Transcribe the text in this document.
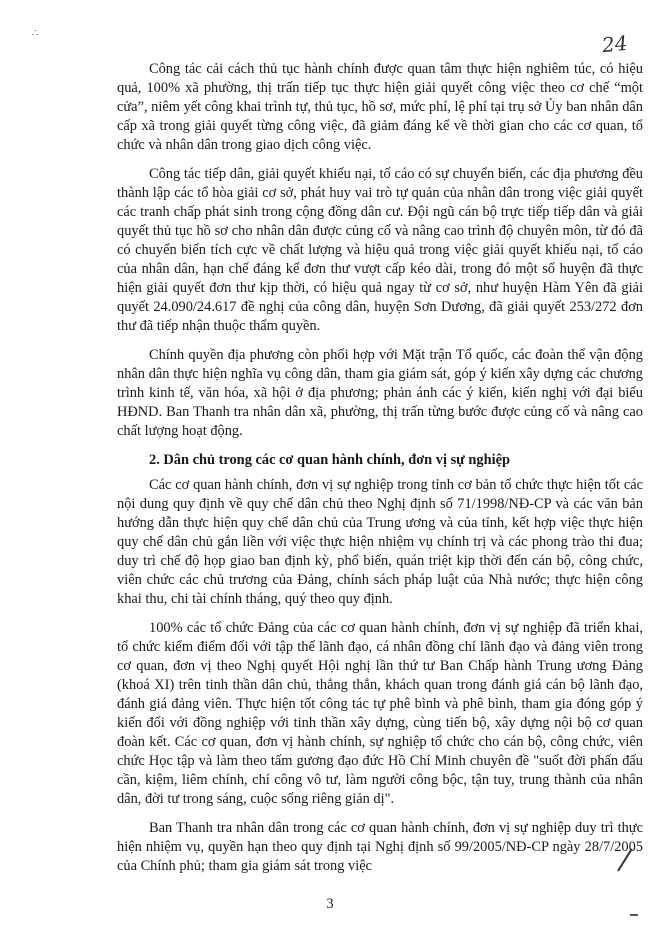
∴	24

Công tác cải cách thủ tục hành chính được quan tâm thực hiện nghiêm túc, có hiệu quả, 100% xã phường, thị trấn tiếp tục thực hiện giải quyết công việc theo cơ chế “một cửa”, niêm yết công khai trình tự, thủ tục, hồ sơ, mức phí, lệ phí tại trụ sở Ủy ban nhân dân cấp xã trong giải quyết từng công việc, đã giảm đáng kể về thời gian cho các cơ quan, tổ chức và nhân dân trong giao dịch công việc.

Công tác tiếp dân, giải quyết khiếu nại, tố cáo có sự chuyển biến, các địa phương đều thành lập các tổ hòa giải cơ sở, phát huy vai trò tự quản của nhân dân trong việc giải quyết các tranh chấp phát sinh trong cộng đồng dân cư. Đội ngũ cán bộ trực tiếp tiếp dân và giải quyết thủ tục hồ sơ cho nhân dân được củng cố và nâng cao trình độ chuyên môn, từ đó đã có chuyển biến tích cực về chất lượng và hiệu quả trong việc giải quyết khiếu nại, tố cáo của nhân dân, hạn chế đáng kể đơn thư vượt cấp kéo dài, trong đó một số huyện đã thực hiện giải quyết đơn thư kịp thời, có hiệu quả ngay từ cơ sở, như huyện Hàm Yên đã giải quyết 24.090/24.617 đề nghị của công dân, huyện Sơn Dương, đã giải quyết 253/272 đơn thư đã tiếp nhận thuộc thẩm quyền.

Chính quyền địa phương còn phối hợp với Mặt trận Tổ quốc, các đoàn thể vận động nhân dân thực hiện nghĩa vụ công dân, tham gia giám sát, góp ý kiến xây dựng các chương trình kinh tế, văn hóa, xã hội ở địa phương; phản ánh các ý kiến, kiến nghị với đại biểu HĐND. Ban Thanh tra nhân dân xã, phường, thị trấn từng bước được củng cố và nâng cao chất lượng hoạt động.

2. Dân chủ trong các cơ quan hành chính, đơn vị sự nghiệp

Các cơ quan hành chính, đơn vị sự nghiệp trong tỉnh cơ bản tổ chức thực hiện tốt các nội dung quy định về quy chế dân chủ theo Nghị định số 71/1998/NĐ-CP và các văn bản hướng dẫn thực hiện quy chế dân chủ của Trung ương và của tỉnh, kết hợp việc thực hiện quy chế dân chủ gắn liền với việc thực hiện nhiệm vụ chính trị và các phong trào thi đua; duy trì chế độ họp giao ban định kỳ, phổ biến, quán triệt kịp thời đến cán bộ, công chức, viên chức các chủ trương của Đảng, chính sách pháp luật của Nhà nước; thực hiện công khai thu, chi tài chính tháng, quý theo quy định.

100% các tổ chức Đảng của các cơ quan hành chính, đơn vị sự nghiệp đã triển khai, tổ chức kiểm điểm đối với tập thể lãnh đạo, cá nhân đồng chí lãnh đạo và đảng viên trong cơ quan, đơn vị theo Nghị quyết Hội nghị lần thứ tư Ban Chấp hành Trung ương Đảng (khoá XI) trên tinh thần dân chủ, thẳng thắn, khách quan trong đánh giá cán bộ lãnh đạo, đánh giá đảng viên. Thực hiện tốt công tác tự phê bình và phê bình, tham gia đóng góp ý kiến đối với đồng nghiệp với tinh thần xây dựng, cùng tiến bộ, xây dựng nội bộ cơ quan đoàn kết. Các cơ quan, đơn vị hành chính, sự nghiệp tổ chức cho cán bộ, công chức, viên chức Học tập và làm theo tấm gương đạo đức Hồ Chí Minh chuyên đề "suốt đời phấn đấu cần, kiệm, liêm chính, chí công vô tư, làm người công bộc, tận tuy, trung thành của nhân dân, đời tư trong sáng, cuộc sống riêng giản dị".

Ban Thanh tra nhân dân trong các cơ quan hành chính, đơn vị sự nghiệp duy trì thực hiện nhiệm vụ, quyền hạn theo quy định tại Nghị định số 99/2005/NĐ-CP ngày 28/7/2005 của Chính phủ; tham gia giám sát trong việc

3
